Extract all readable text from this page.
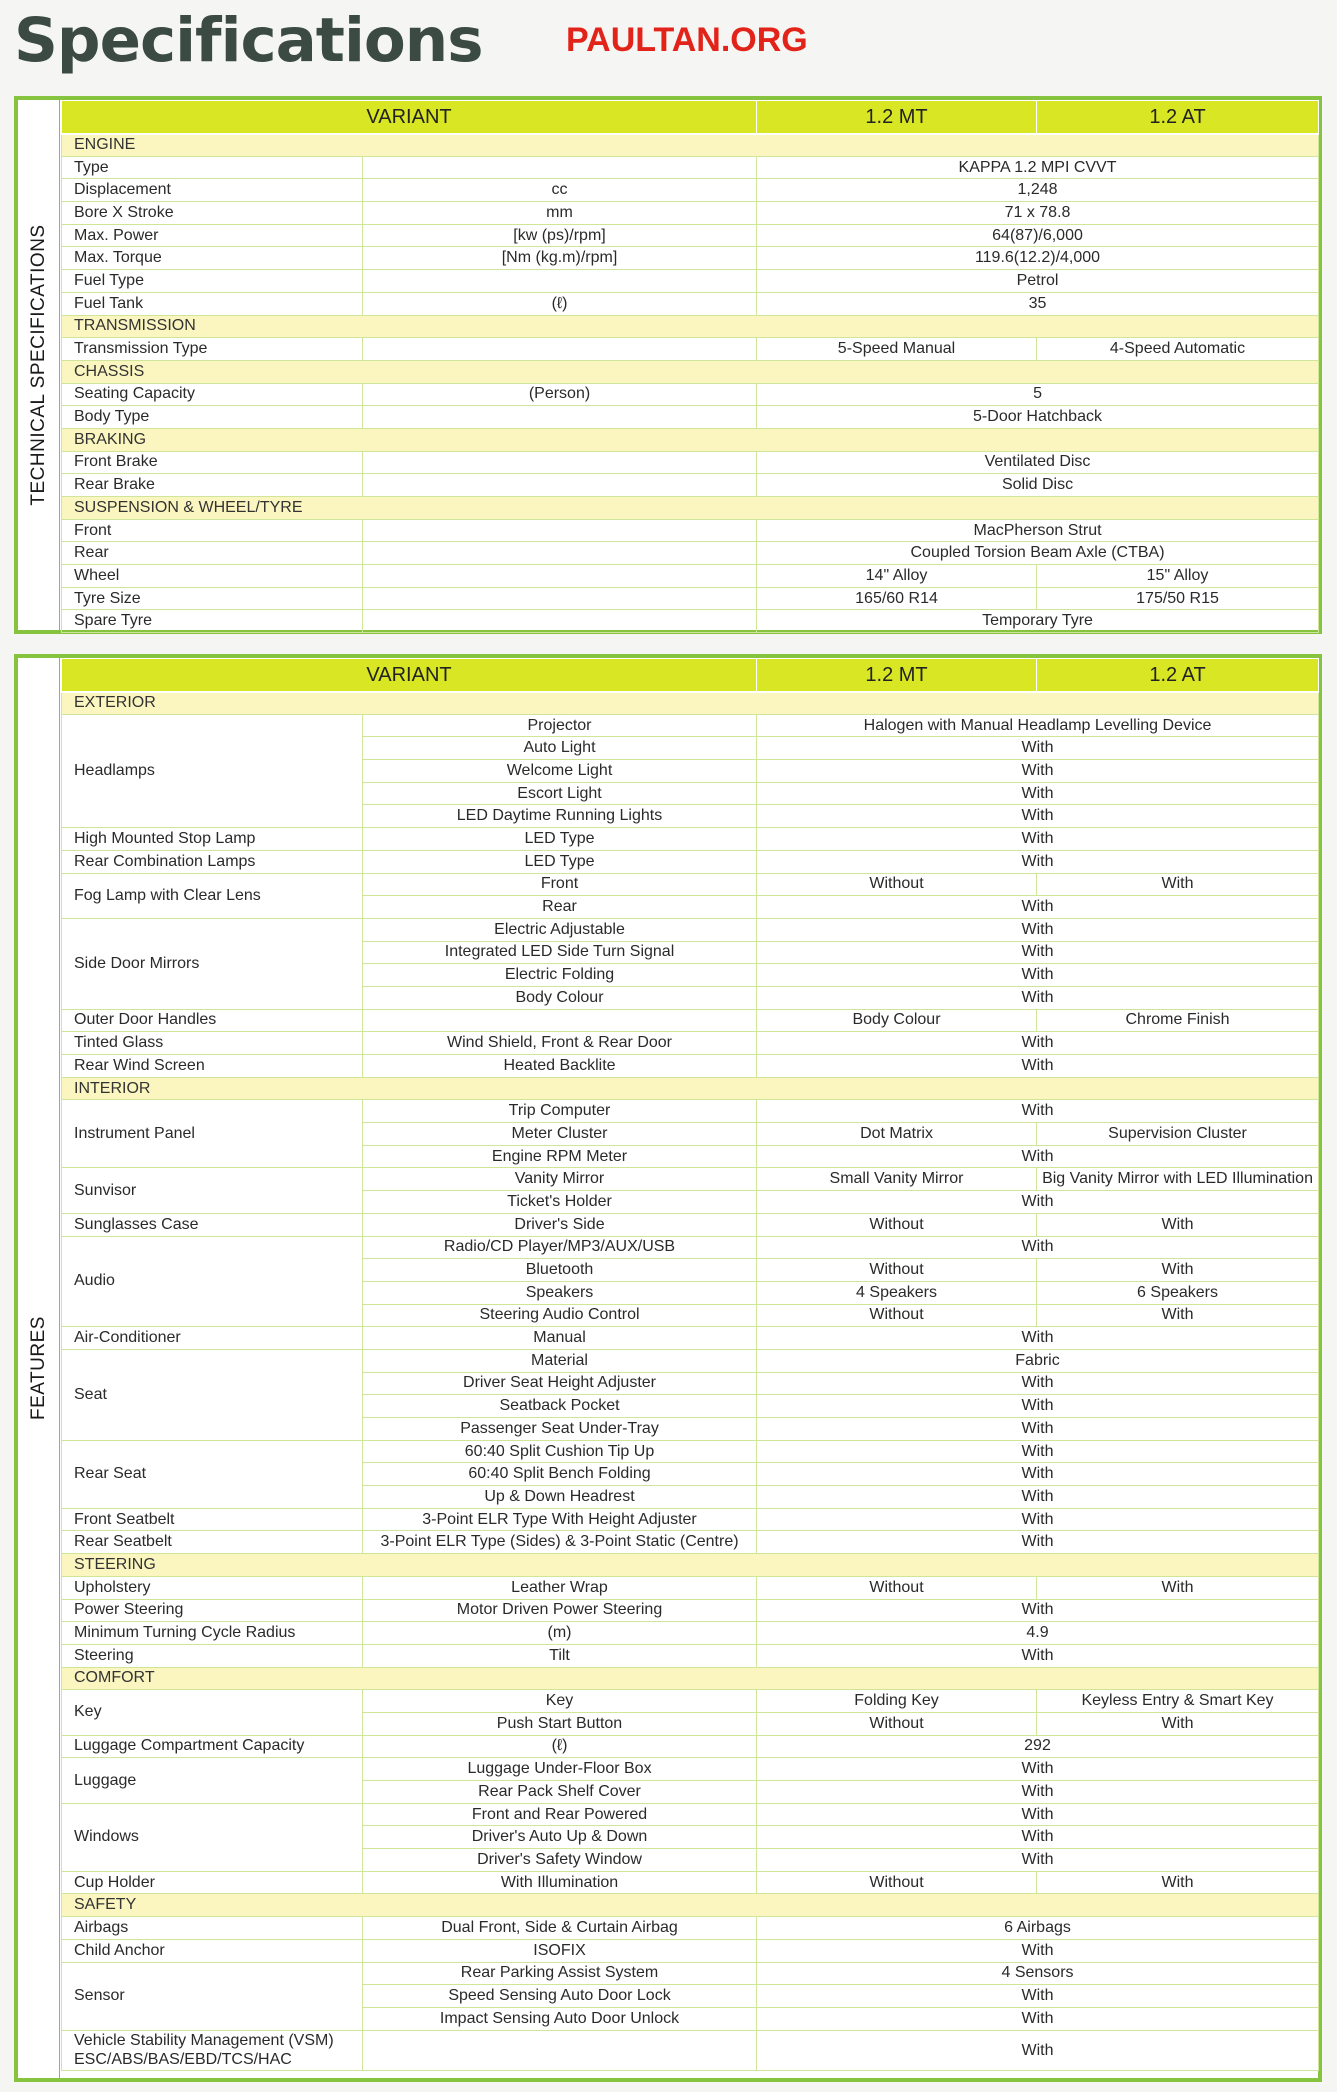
Specifications PAULTAN.ORG
TECHNICAL SPECIFICATIONS
VARIANT		1.2 MT	1.2 AT
ENGINE			
Type		KAPPA 1.2 MPI CVVT	
Displacement	cc	1,248	
Bore X Stroke	mm	71 x 78.8	
Max. Power	[kw (ps)/rpm]	64(87)/6,000	
Max. Torque	[Nm (kg.m)/rpm]	119.6(12.2)/4,000	
Fuel Type		Petrol	
Fuel Tank	(ℓ)	35	
TRANSMISSION			
Transmission Type		5-Speed Manual	4-Speed Automatic
CHASSIS			
Seating Capacity	(Person)	5	
Body Type		5-Door Hatchback	
BRAKING			
Front Brake		Ventilated Disc	
Rear Brake		Solid Disc	
SUSPENSION & WHEEL/TYRE			
Front		MacPherson Strut	
Rear		Coupled Torsion Beam Axle (CTBA)	
Wheel		14" Alloy	15" Alloy
Tyre Size		165/60 R14	175/50 R15
Spare Tyre		Temporary Tyre	
FEATURES
VARIANT		1.2 MT	1.2 AT
EXTERIOR			

Headlamps	Projector	Halogen with Manual Headlamp Levelling Device	
	Auto Light	With	
	Welcome Light	With	
	Escort Light	With	
	LED Daytime Running Lights	With	

High Mounted Stop Lamp	LED Type	With	

Rear Combination Lamps	LED Type	With	

Fog Lamp with Clear Lens	Front	Without	With
	Rear	With	

Side Door Mirrors	Electric Adjustable	With	
	Integrated LED Side Turn Signal	With	
	Electric Folding	With	
	Body Colour	With	

Outer Door Handles		Body Colour	Chrome Finish

Tinted Glass	Wind Shield, Front & Rear Door	With	

Rear Wind Screen	Heated Backlite	With	
INTERIOR			

Instrument Panel	Trip Computer	With	
	Meter Cluster	Dot Matrix	Supervision Cluster
	Engine RPM Meter	With	

Sunvisor	Vanity Mirror	Small Vanity Mirror	Big Vanity Mirror with LED Illumination
	Ticket's Holder	With	

Sunglasses Case	Driver's Side	Without	With

Audio	Radio/CD Player/MP3/AUX/USB	With	
	Bluetooth	Without	With
	Speakers	4 Speakers	6 Speakers
	Steering Audio Control	Without	With

Air-Conditioner	Manual	With	

Seat	Material	Fabric	
	Driver Seat Height Adjuster	With	
	Seatback Pocket	With	
	Passenger Seat Under-Tray	With	

Rear Seat	60:40 Split Cushion Tip Up	With	
	60:40 Split Bench Folding	With	
	Up & Down Headrest	With	

Front Seatbelt	3-Point ELR Type With Height Adjuster	With	

Rear Seatbelt	3-Point ELR Type (Sides) & 3-Point Static (Centre)	With	
STEERING			

Upholstery	Leather Wrap	Without	With

Power Steering	Motor Driven Power Steering	With	

Minimum Turning Cycle Radius	(m)	4.9	

Steering	Tilt	With	
COMFORT			

Key	Key	Folding Key	Keyless Entry & Smart Key
	Push Start Button	Without	With

Luggage Compartment Capacity	(ℓ)	292	

Luggage	Luggage Under-Floor Box	With	
	Rear Pack Shelf Cover	With	

Windows	Front and Rear Powered	With	
	Driver's Auto Up & Down	With	
	Driver's Safety Window	With	

Cup Holder	With Illumination	Without	With
SAFETY			

Airbags	Dual Front, Side & Curtain Airbag	6 Airbags	

Child Anchor	ISOFIX	With	

Sensor	Rear Parking Assist System	4 Sensors	
	Speed Sensing Auto Door Lock	With	
	Impact Sensing Auto Door Unlock	With	

Vehicle Stability Management (VSM)
ESC/ABS/BAS/EBD/TCS/HAC		With	
